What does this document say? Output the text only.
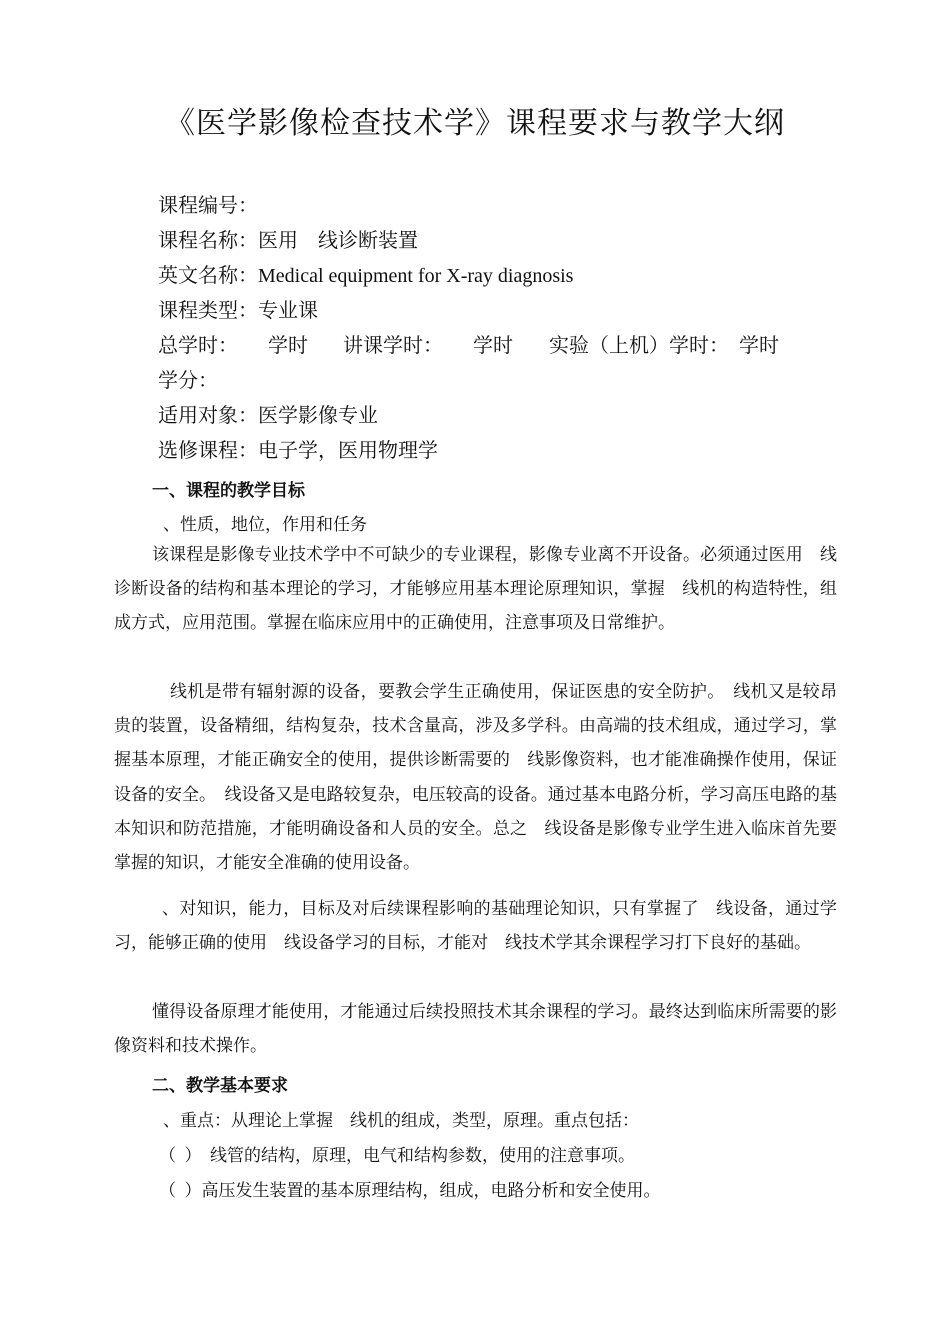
《医学影像检查技术学》课程要求与教学大纲
课程编号：
课程名称：医用　线诊断装置
英文名称：Medical equipment for X-ray diagnosis
课程类型：专业课
总学时：　　学时 讲课学时：　　学时 实验（上机）学时：　学时
学分：
适用对象：医学影像专业
选修课程：电子学，医用物理学
一、课程的教学目标
、性质，地位，作用和任务
该课程是影像专业技术学中不可缺少的专业课程，影像专业离不开设备。必须通过医用　线诊断设备的结构和基本理论的学习，才能够应用基本理论原理知识，掌握　线机的构造特性，组成方式，应用范围。掌握在临床应用中的正确使用，注意事项及日常维护。
线机是带有辐射源的设备，要教会学生正确使用，保证医患的安全防护。　线机又是较昂贵的装置，设备精细，结构复杂，技术含量高，涉及多学科。由高端的技术组成，通过学习，掌握基本原理，才能正确安全的使用，提供诊断需要的　线影像资料，也才能准确操作使用，保证设备的安全。　线设备又是电路较复杂，电压较高的设备。通过基本电路分析，学习高压电路的基本知识和防范措施，才能明确设备和人员的安全。总之　线设备是影像专业学生进入临床首先要掌握的知识，才能安全准确的使用设备。
、对知识，能力，目标及对后续课程影响的基础理论知识，只有掌握了　线设备，通过学习，能够正确的使用　线设备学习的目标，才能对　线技术学其余课程学习打下良好的基础。
懂得设备原理才能使用，才能通过后续投照技术其余课程的学习。最终达到临床所需要的影像资料和技术操作。
二、教学基本要求
、重点：从理论上掌握　线机的组成，类型，原理。重点包括：
（ ）　线管的结构，原理，电气和结构参数，使用的注意事项。
（ ）高压发生装置的基本原理结构，组成，电路分析和安全使用。
